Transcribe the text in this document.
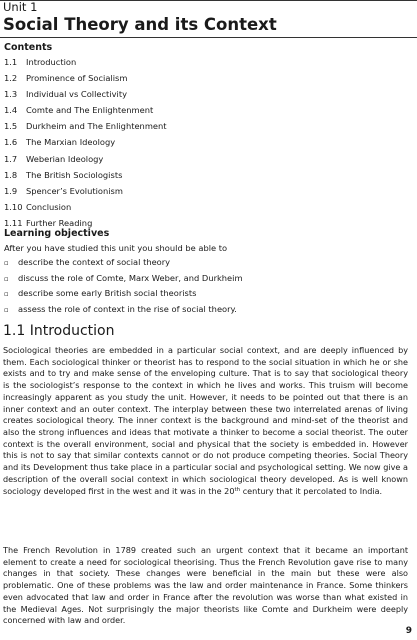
Unit 1
Social Theory and its Context
Contents
1.1 Introduction
1.2 Prominence of Socialism
1.3 Individual vs Collectivity
1.4 Comte and The Enlightenment
1.5 Durkheim and The Enlightenment
1.6 The Marxian Ideology
1.7 Weberian Ideology
1.8 The British Sociologists
1.9 Spencer’s Evolutionism
1.10 Conclusion
1.11 Further Reading
Learning objectives
After you have studied this unit you should be able to
▫ describe the context of social theory
▫ discuss the role of Comte, Marx Weber, and Durkheim
▫ describe some early British social theorists
▫ assess the role of context in the rise of social theory.
1.1 Introduction

Sociological theories are embedded in a particular social context, and are deeply influenced by them. Each sociological thinker or theorist has to respond to the social situation in which he or she exists and to try and make sense of the enveloping culture. That is to say that sociological theory is the sociologist’s response to the context in which he lives and works. This truism will become increasingly apparent as you study the unit. However, it needs to be pointed out that there is an inner context and an outer context. The interplay between these two interrelated arenas of living creates sociological theory. The inner context is the background and mind-set of the theorist and also the strong influences and ideas that motivate a thinker to become a social theorist. The outer context is the overall environment, social and physical that the society is embedded in. However this is not to say that similar contexts cannot or do not produce competing theories. Social Theory and its Development thus take place in a particular social and psychological setting. We now give a description of the overall social context in which sociological theory developed. As is well known sociology developed first in the west and it was in the 20th century that it percolated to India.

The French Revolution in 1789 created such an urgent context that it became an important element to create a need for sociological theorising. Thus the French Revolution gave rise to many changes in that society. These changes were beneficial in the main but these were also problematic. One of these problems was the law and order maintenance in France. Some thinkers even advocated that law and order in France after the revolution was worse than what existed in the Medieval Ages. Not surprisingly the major theorists like Comte and Durkheim were deeply concerned with law and order.

9
